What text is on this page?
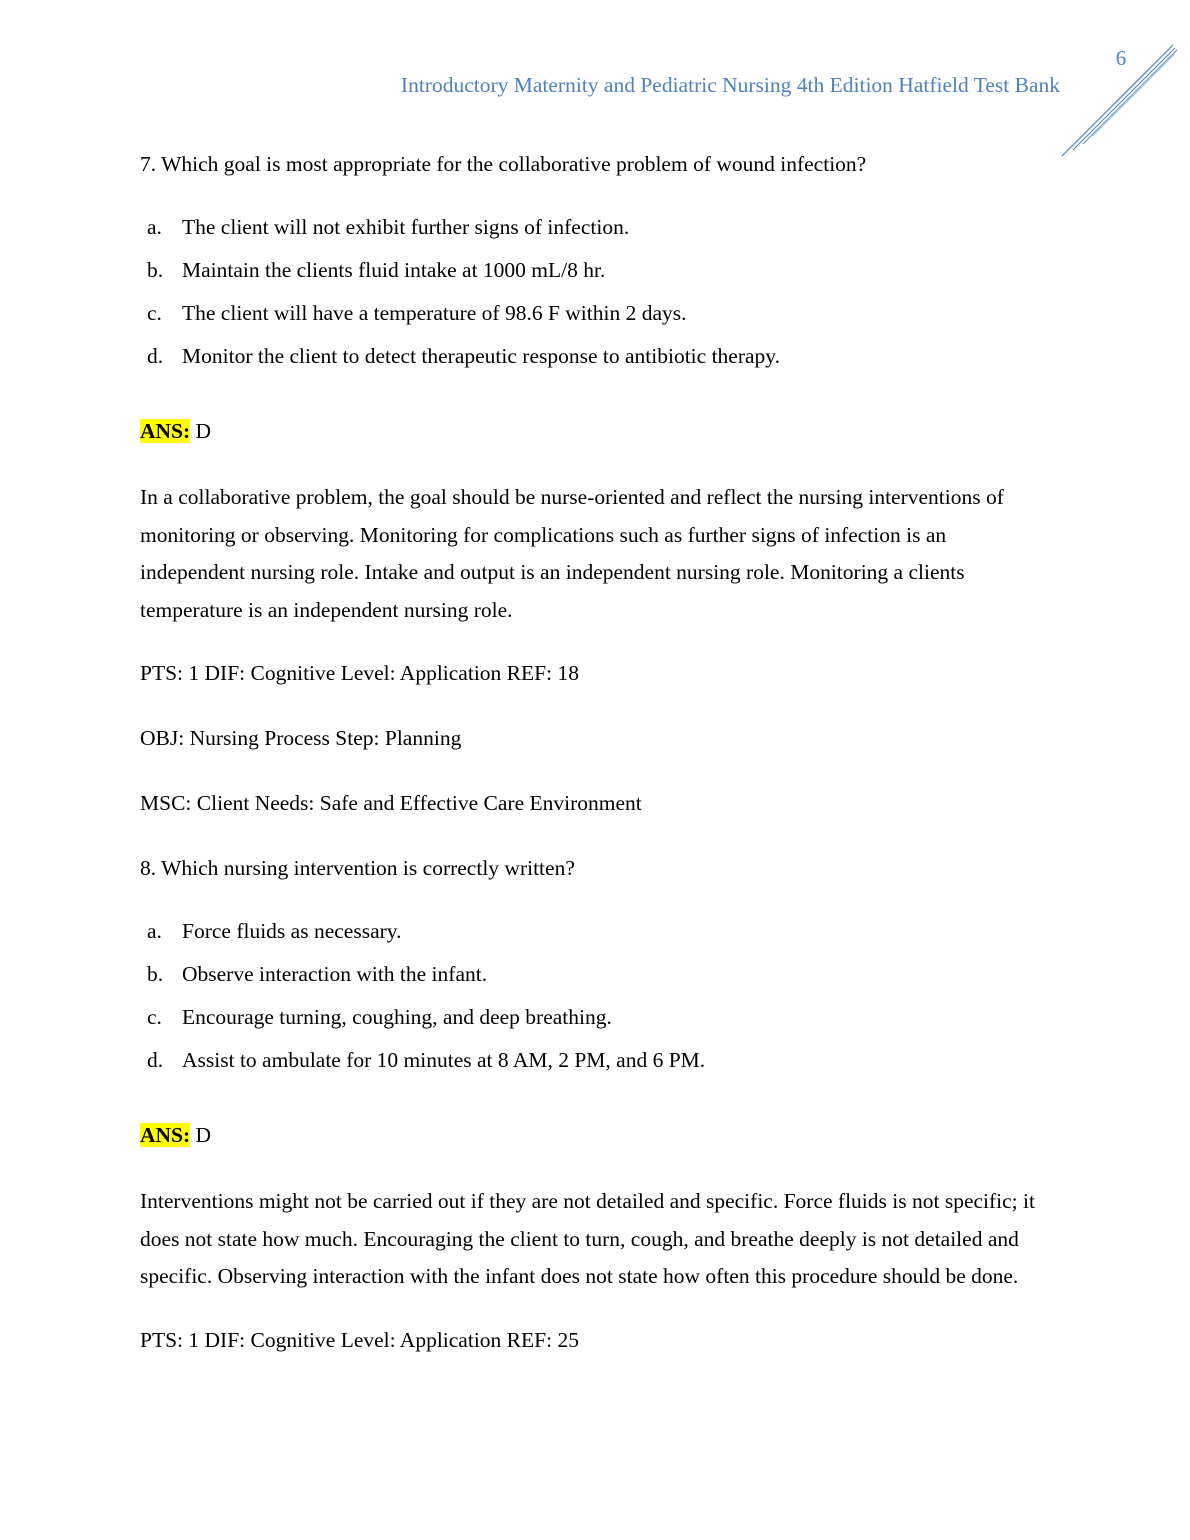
6
Introductory Maternity and Pediatric Nursing 4th Edition Hatfield Test Bank

7. Which goal is most appropriate for the collaborative problem of wound infection?

a. The client will not exhibit further signs of infection.
b. Maintain the clients fluid intake at 1000 mL/8 hr.
c. The client will have a temperature of 98.6 F within 2 days.
d. Monitor the client to detect therapeutic response to antibiotic therapy.

ANS: D

In a collaborative problem, the goal should be nurse-oriented and reflect the nursing interventions of monitoring or observing. Monitoring for complications such as further signs of infection is an independent nursing role. Intake and output is an independent nursing role. Monitoring a clients temperature is an independent nursing role.

PTS: 1 DIF: Cognitive Level: Application REF: 18

OBJ: Nursing Process Step: Planning

MSC: Client Needs: Safe and Effective Care Environment

8. Which nursing intervention is correctly written?

a. Force fluids as necessary.
b. Observe interaction with the infant.
c. Encourage turning, coughing, and deep breathing.
d. Assist to ambulate for 10 minutes at 8 AM, 2 PM, and 6 PM.

ANS: D

Interventions might not be carried out if they are not detailed and specific. Force fluids is not specific; it does not state how much. Encouraging the client to turn, cough, and breathe deeply is not detailed and specific. Observing interaction with the infant does not state how often this procedure should be done.

PTS: 1 DIF: Cognitive Level: Application REF: 25
